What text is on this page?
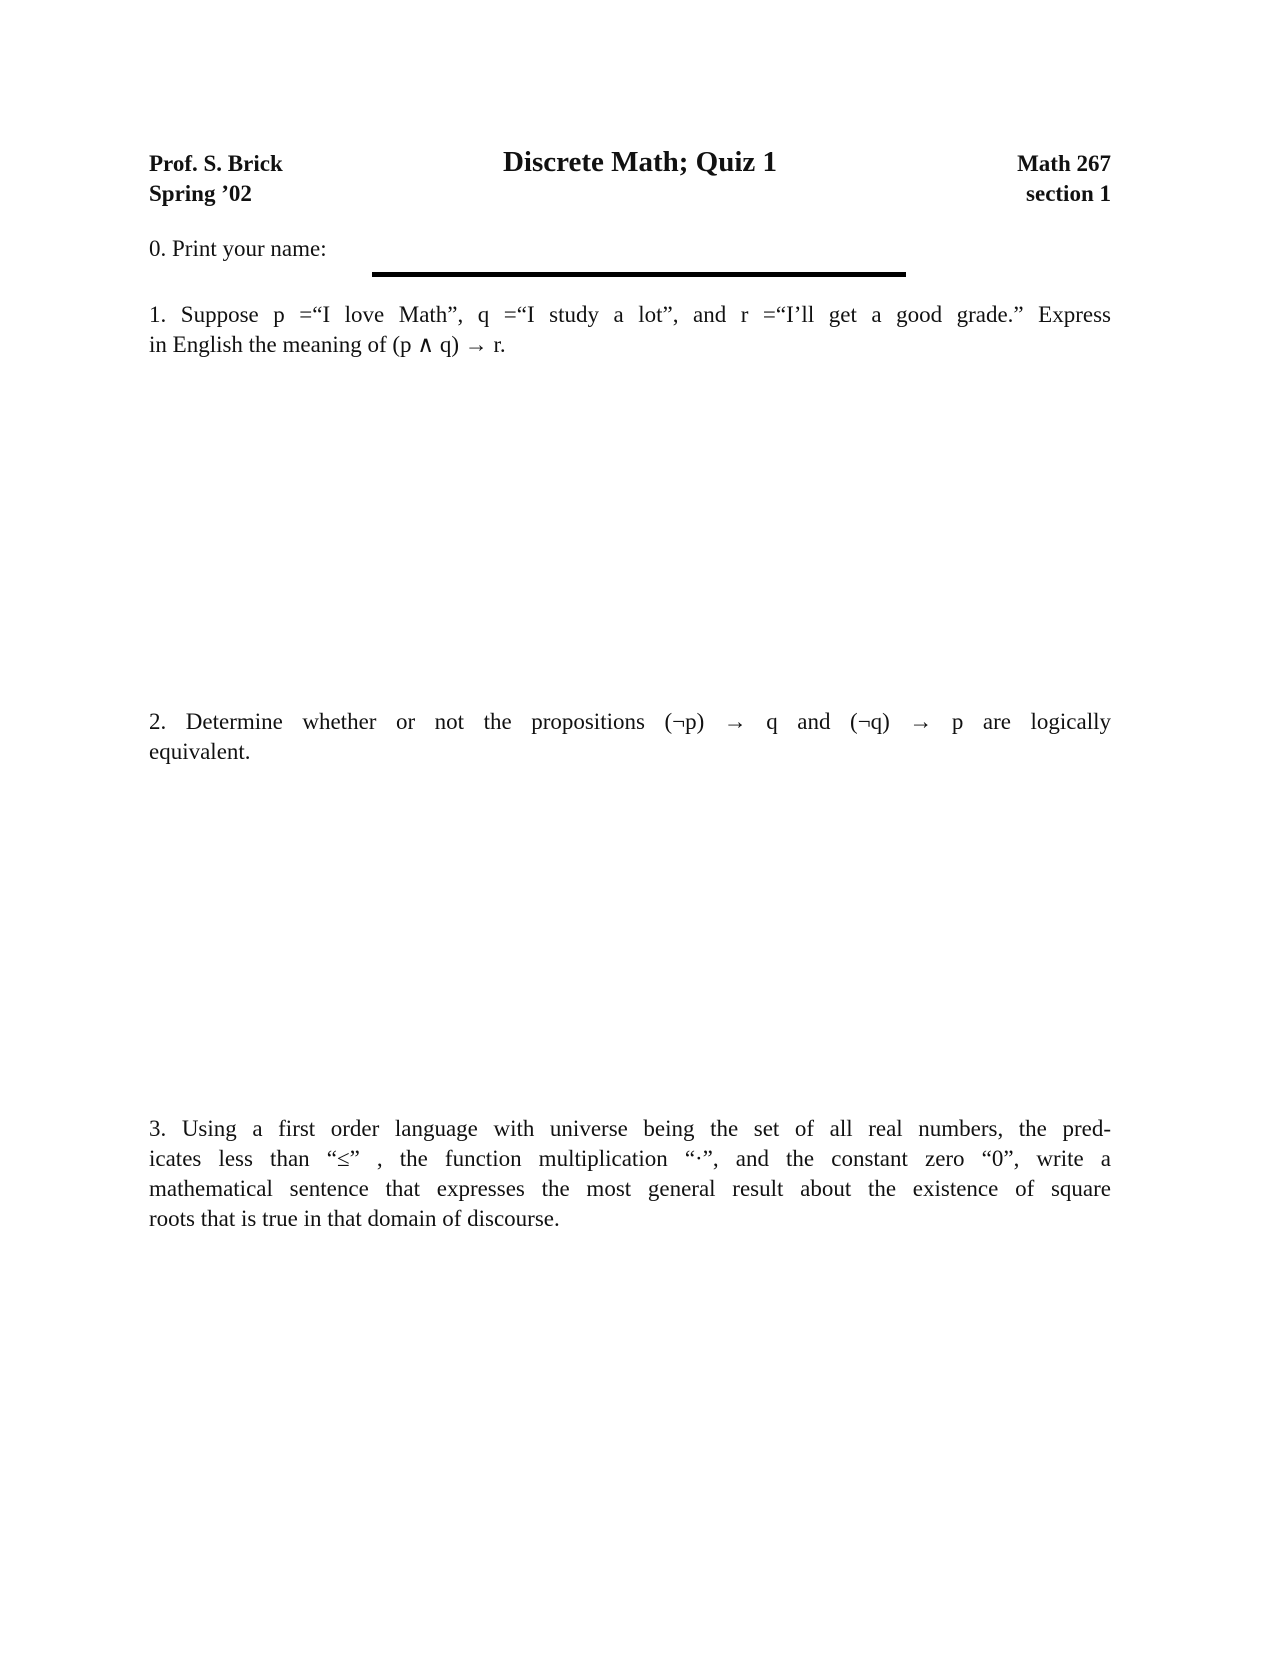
Prof. S. Brick
Spring ’02
Discrete Math; Quiz 1	Math 267
section 1
0. Print your name:
1. Suppose p =“I love Math”, q =“I study a lot”, and r =“I’ll get a good grade.” Express
in English the meaning of (p ∧ q) → r.
2. Determine whether or not the propositions (¬p) → q and (¬q) → p are logically
equivalent.
3. Using a first order language with universe being the set of all real numbers, the pred-
icates less than “≤” , the function multiplication “·”, and the constant zero “0”, write a
mathematical sentence that expresses the most general result about the existence of square
roots that is true in that domain of discourse.
